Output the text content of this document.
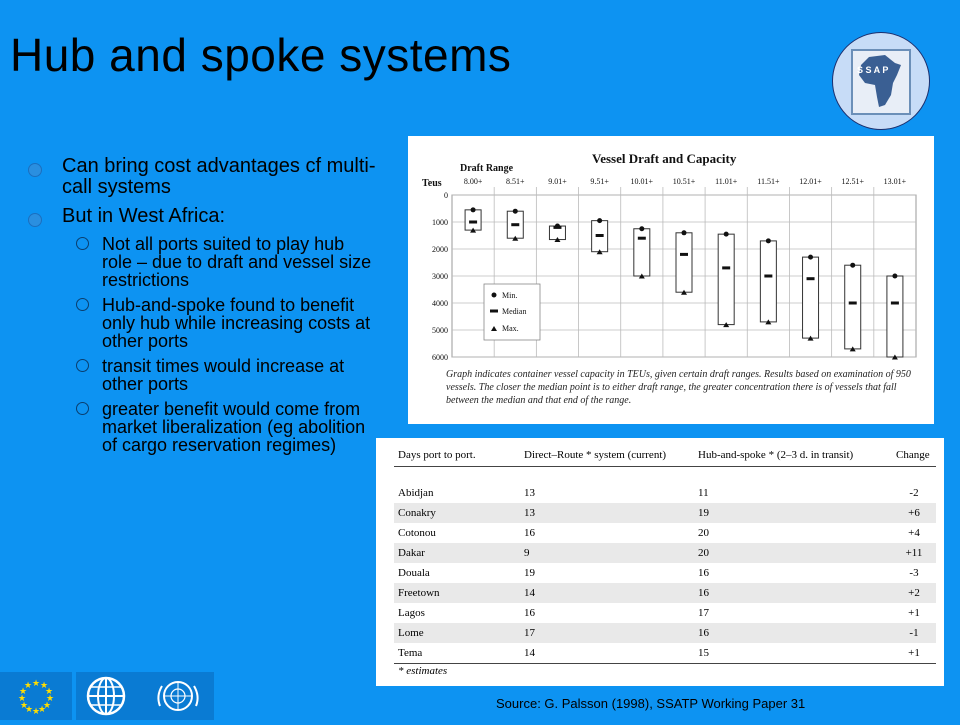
Hub and spoke systems	S S A P
Can bring cost advantages cf multi-call systems
But in West Africa:
Not all ports suited to play hub role – due to draft and vessel size restrictions
Hub-and-spoke found to benefit only hub while increasing costs at other ports
transit times would increase at other ports
greater benefit would come from market liberalization (eg abolition of cargo reservation regimes)
Vessel Draft and Capacity
Draft Range
Teus
0
1000
2000
3000
4000
5000
6000
8.00+	8.51+	9.01+	9.51+	10.01+ 10.51+ 11.01+ 11.51+ 12.01+ 12.51+ 13.01+
Min.
Median
Max.
Graph indicates container vessel capacity in TEUs, given certain draft ranges. Results based on examination of 950 vessels. The closer the median point is to either draft range, the greater concentration there is of vessels that fall between the median and that end of the range.
Days port to port.	Direct–Route * system (current)	Hub-and-spoke * (2–3 d. in transit)	Change

Abidjan	13	11	-2
Conakry	13	19	+6
Cotonou	16	20	+4
Dakar	9	20	+11
Douala	19	16	-3
Freetown	14	16	+2
Lagos	16	17	+1
Lome	17	16	-1
Tema	14	15	+1
* estimates			
Source: G. Palsson (1998), SSATP Working Paper 31
★ ★
★
★
★
★
★
★
★
★
★
★
